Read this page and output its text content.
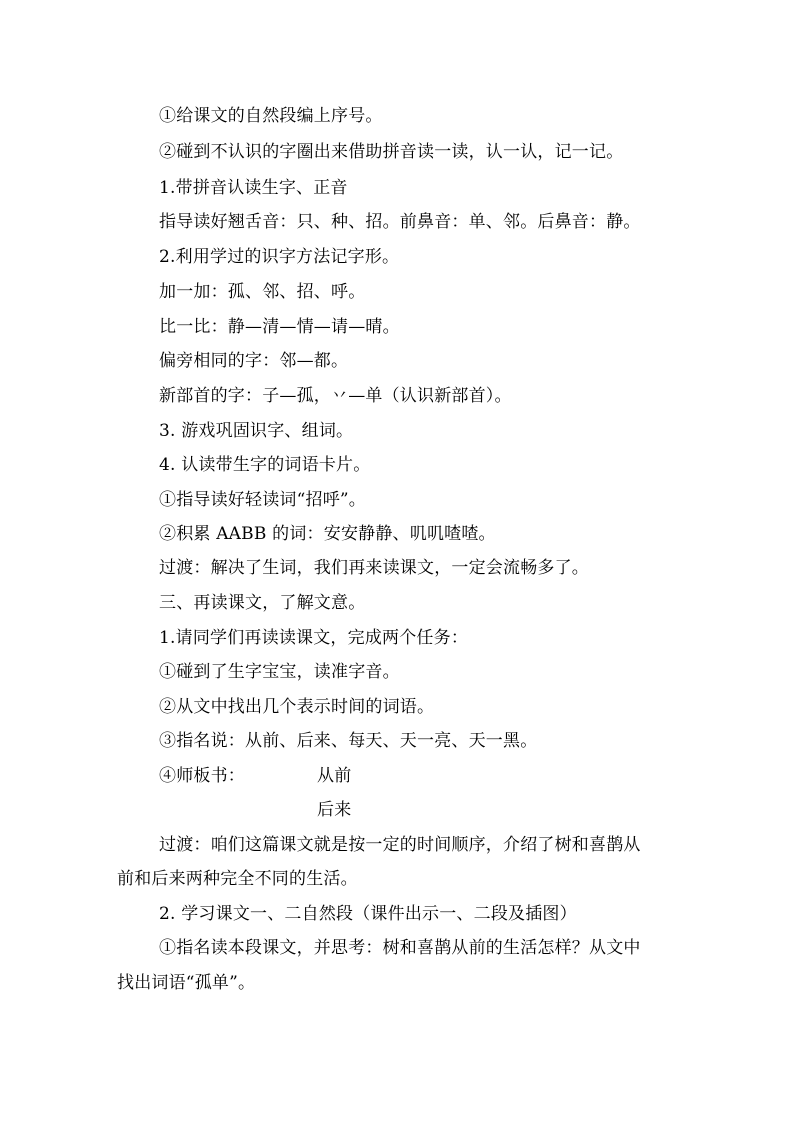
①给课文的自然段编上序号。
②碰到不认识的字圈出来借助拼音读一读，认一认，记一记。
1.带拼音认读生字、正音
指导读好翘舌音：只、种、招。前鼻音：单、邻。后鼻音：静。
2.利用学过的识字方法记字形。
加一加：孤、邻、招、呼。
比一比：静—清—情—请—晴。
偏旁相同的字：邻—都。
新部首的字：子—孤，丷—单（认识新部首）。
3. 游戏巩固识字、组词。
4. 认读带生字的词语卡片。
①指导读好轻读词“招呼”。
②积累 AABB 的词：安安静静、叽叽喳喳。
过渡：解决了生词，我们再来读课文，一定会流畅多了。
三、再读课文，了解文意。
1.请同学们再读读课文，完成两个任务：
①碰到了生字宝宝，读准字音。
②从文中找出几个表示时间的词语。
③指名说：从前、后来、每天、天一亮、天一黑。
④师板书：	从前
后来
过渡：咱们这篇课文就是按一定的时间顺序，介绍了树和喜鹊从
前和后来两种完全不同的生活。
2. 学习课文一、二自然段（课件出示一、二段及插图）
①指名读本段课文，并思考：树和喜鹊从前的生活怎样？从文中
找出词语“孤单”。
